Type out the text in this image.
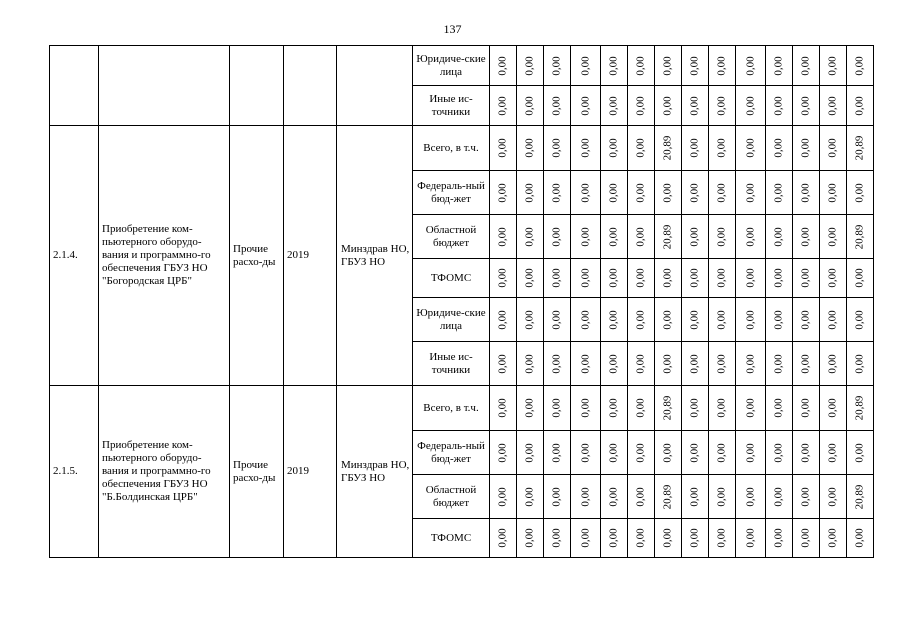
137
					Юридиче-ские лица	0,00	0,00	0,00	0,00	0,00	0,00	0,00	0,00	0,00	0,00	0,00	0,00	0,00	0,00

					Иные ис-точники	0,00	0,00	0,00	0,00	0,00	0,00	0,00	0,00	0,00	0,00	0,00	0,00	0,00	0,00

2.1.4.	Приобретение ком-пьютерного оборудо-вания и программно-го обеспечения ГБУЗ НО "Богородская ЦРБ"	Прочие расхо-ды	2019	Минздрав НО, ГБУЗ НО	Всего, в т.ч.	0,00	0,00	0,00	0,00	0,00	0,00	20,89	0,00	0,00	0,00	0,00	0,00	0,00	20,89

					Федераль-ный бюд-жет	0,00	0,00	0,00	0,00	0,00	0,00	0,00	0,00	0,00	0,00	0,00	0,00	0,00	0,00

					Областной бюджет	0,00	0,00	0,00	0,00	0,00	0,00	20,89	0,00	0,00	0,00	0,00	0,00	0,00	20,89

					ТФОМС	0,00	0,00	0,00	0,00	0,00	0,00	0,00	0,00	0,00	0,00	0,00	0,00	0,00	0,00

					Юридиче-ские лица	0,00	0,00	0,00	0,00	0,00	0,00	0,00	0,00	0,00	0,00	0,00	0,00	0,00	0,00

					Иные ис-точники	0,00	0,00	0,00	0,00	0,00	0,00	0,00	0,00	0,00	0,00	0,00	0,00	0,00	0,00

2.1.5.	Приобретение ком-пьютерного оборудо-вания и программно-го обеспечения ГБУЗ НО "Б.Болдинская ЦРБ"	Прочие расхо-ды	2019	Минздрав НО, ГБУЗ НО	Всего, в т.ч.	0,00	0,00	0,00	0,00	0,00	0,00	20,89	0,00	0,00	0,00	0,00	0,00	0,00	20,89

					Федераль-ный бюд-жет	0,00	0,00	0,00	0,00	0,00	0,00	0,00	0,00	0,00	0,00	0,00	0,00	0,00	0,00

					Областной бюджет	0,00	0,00	0,00	0,00	0,00	0,00	20,89	0,00	0,00	0,00	0,00	0,00	0,00	20,89

					ТФОМС	0,00	0,00	0,00	0,00	0,00	0,00	0,00	0,00	0,00	0,00	0,00	0,00	0,00	0,00
